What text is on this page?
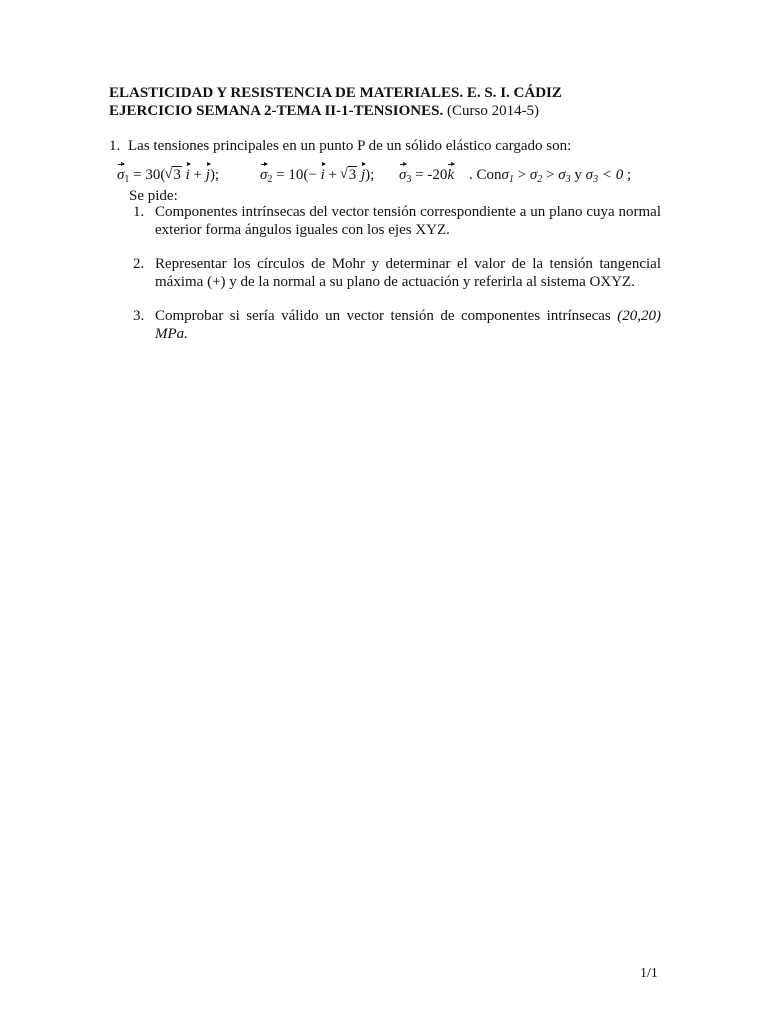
ELASTICIDAD Y RESISTENCIA DE MATERIALES. E. S. I. CÁDIZ
EJERCICIO SEMANA 2-TEMA II-1-TENSIONES. (Curso 2014-5)
1. Las tensiones principales en un punto P de un sólido elástico cargado son:
$\sigma_1 = 30(√$ 3 i + j);	$\sigma_2 = 10(- i$ + √ 3 j); $\sigma_3 = -20k$ . $Con\sigma_1 > \sigma_2 > \sigma_3$ y $\sigma_3 < 0$ ;
Se pide:
1. Componentes intrínsecas del vector tensión correspondiente a un plano cuya normal exterior forma ángulos iguales con los ejes XYZ.
2. Representar los círculos de Mohr y determinar el valor de la tensión tangencial máxima (+) y de la normal a su plano de actuación y referirla al sistema OXYZ.
3. Comprobar si sería válido un vector tensión de componentes intrínsecas (20,20) MPa.
1/1
